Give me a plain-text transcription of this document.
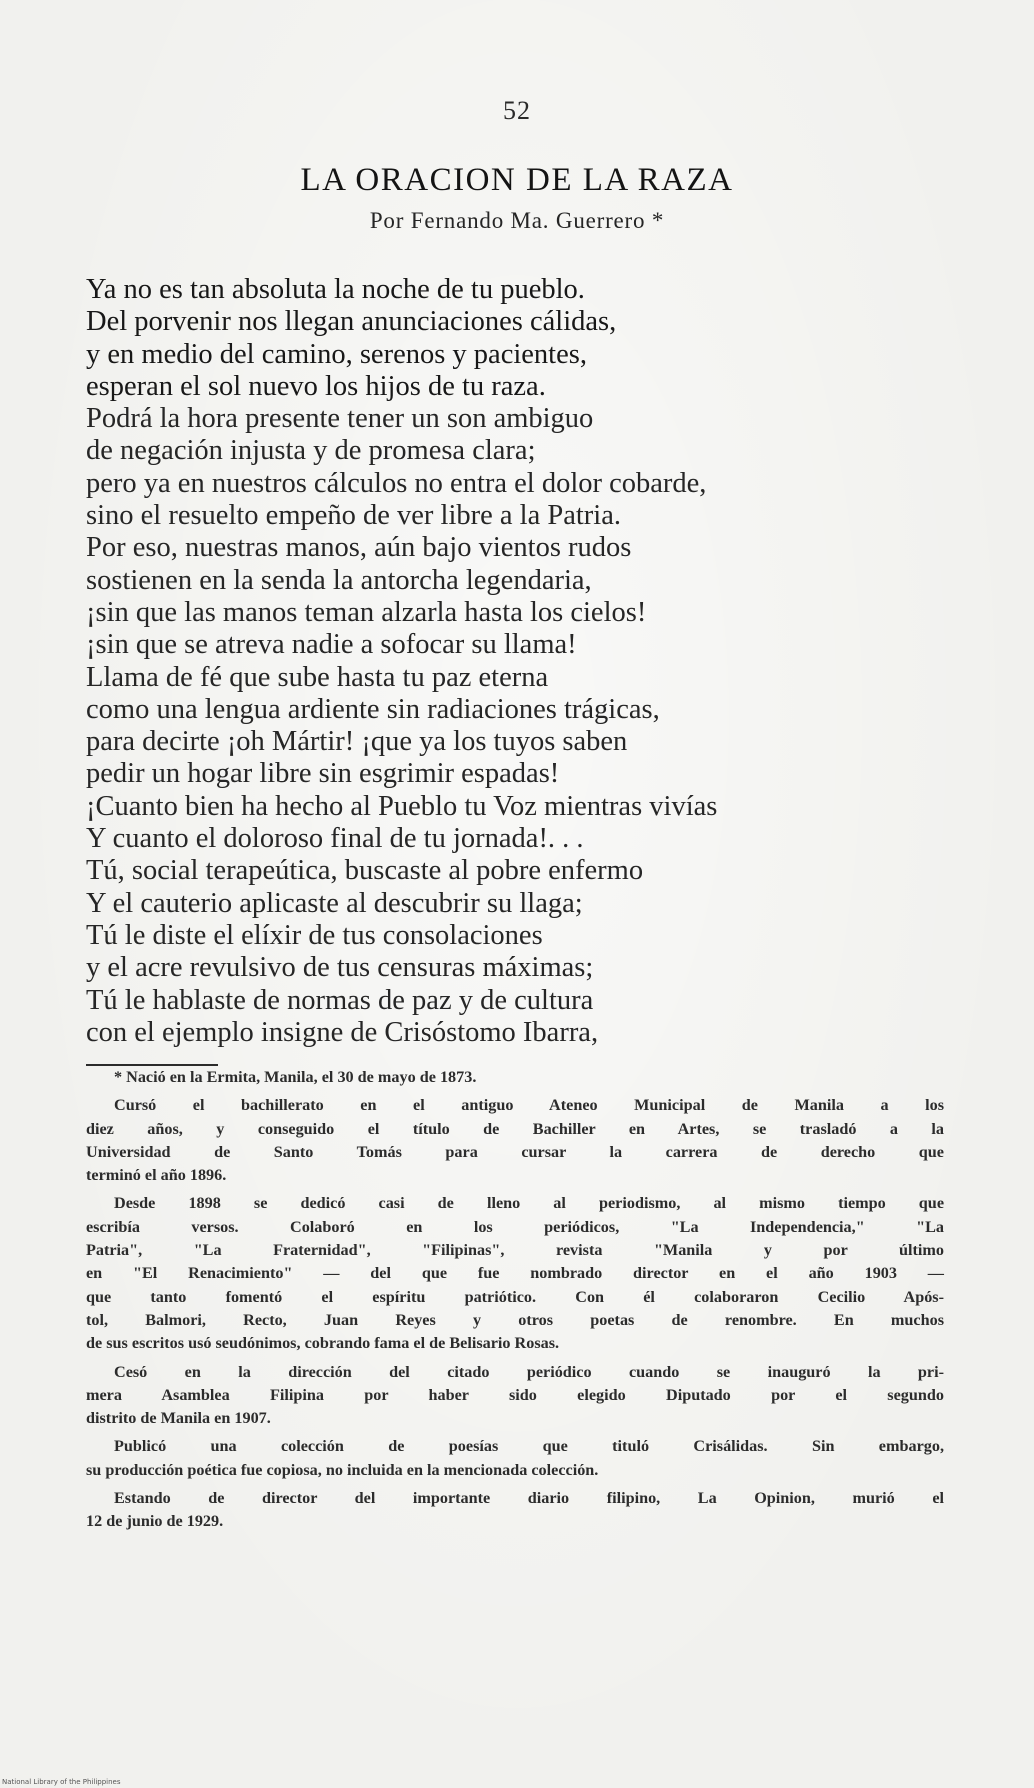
52
LA ORACION DE LA RAZA
Por Fernando Ma. Guerrero *
Ya no es tan absoluta la noche de tu pueblo.
Del porvenir nos llegan anunciaciones cálidas,
y en medio del camino, serenos y pacientes,
esperan el sol nuevo los hijos de tu raza.
Podrá la hora presente tener un son ambiguo
de negación injusta y de promesa clara;
pero ya en nuestros cálculos no entra el dolor cobarde,
sino el resuelto empeño de ver libre a la Patria.
Por eso, nuestras manos, aún bajo vientos rudos
sostienen en la senda la antorcha legendaria,
¡sin que las manos teman alzarla hasta los cielos!
¡sin que se atreva nadie a sofocar su llama!
Llama de fé que sube hasta tu paz eterna
como una lengua ardiente sin radiaciones trágicas,
para decirte ¡oh Mártir! ¡que ya los tuyos saben
pedir un hogar libre sin esgrimir espadas!
¡Cuanto bien ha hecho al Pueblo tu Voz mientras vivías
Y cuanto el doloroso final de tu jornada!. . .
Tú, social terapeútica, buscaste al pobre enfermo
Y el cauterio aplicaste al descubrir su llaga;
Tú le diste el elíxir de tus consolaciones
y el acre revulsivo de tus censuras máximas;
Tú le hablaste de normas de paz y de cultura
con el ejemplo insigne de Crisóstomo Ibarra,

* Nació en la Ermita, Manila, el 30 de mayo de 1873.

Cursó el bachillerato en el antiguo Ateneo Municipal de Manila a los
diez años, y conseguido el título de Bachiller en Artes, se trasladó a la
Universidad de Santo Tomás para cursar la carrera de derecho que
terminó el año 1896.

Desde 1898 se dedicó casi de lleno al periodismo, al mismo tiempo que
escribía versos. Colaboró en los periódicos, "La Independencia," "La
Patria", "La Fraternidad", "Filipinas", revista "Manila y por último
en "El Renacimiento" — del que fue nombrado director en el año 1903 —
que tanto fomentó el espíritu patriótico. Con él colaboraron Cecilio Após-
tol, Balmori, Recto, Juan Reyes y otros poetas de renombre. En muchos
de sus escritos usó seudónimos, cobrando fama el de Belisario Rosas.

Cesó en la dirección del citado periódico cuando se inauguró la pri-
mera Asamblea Filipina por haber sido elegido Diputado por el segundo
distrito de Manila en 1907.

Publicó una colección de poesías que tituló Crisálidas. Sin embargo,
su producción poética fue copiosa, no incluida en la mencionada colección.

Estando de director del importante diario filipino, La Opinion, murió el
12 de junio de 1929.

National Library of the Philippines
